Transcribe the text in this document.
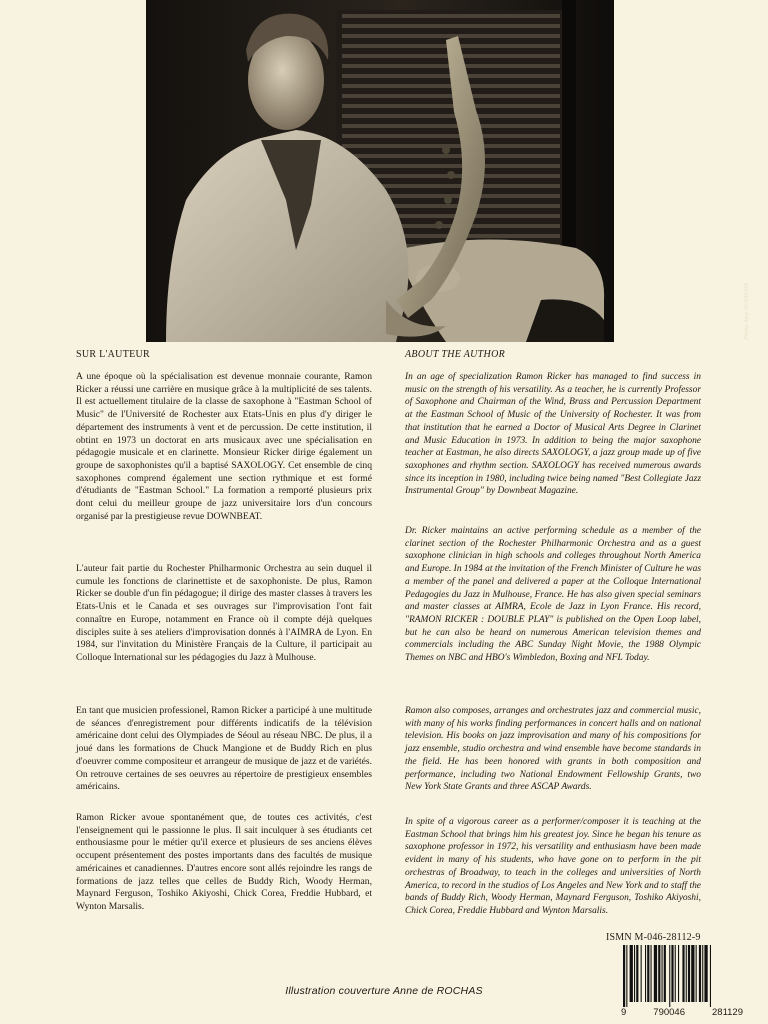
Photo Amy SCANLON

SUR L'AUTEUR

A une époque où la spécialisation est devenue monnaie courante, Ramon Ricker a réussi une carrière en musique grâce à la multiplicité de ses talents. Il est actuellement titulaire de la classe de saxophone à "Eastman School of Music" de l'Université de Rochester aux Etats-Unis en plus d'y diriger le département des instruments à vent et de percussion. De cette institution, il obtint en 1973 un doctorat en arts musicaux avec une spécialisation en pédagogie musicale et en clarinette. Monsieur Ricker dirige également un groupe de saxophonistes qu'il a baptisé SAXOLOGY. Cet ensemble de cinq saxophones comprend également une section rythmique et est formé d'étudiants de "Eastman School." La formation a remporté plusieurs prix dont celui du meilleur groupe de jazz universitaire lors d'un concours organisé par la prestigieuse revue DOWNBEAT.

L'auteur fait partie du Rochester Philharmonic Orchestra au sein duquel il cumule les fonctions de clarinettiste et de saxophoniste. De plus, Ramon Ricker se double d'un fin pédagogue; il dirige des master classes à travers les Etats-Unis et le Canada et ses ouvrages sur l'improvisation l'ont fait connaître en Europe, notamment en France où il compte déjà quelques disciples suite à ses ateliers d'improvisation donnés à l'AIMRA de Lyon. En 1984, sur l'invitation du Ministère Français de la Culture, il participait au Colloque International sur les pédagogies du Jazz à Mulhouse.

En tant que musicien professionel, Ramon Ricker a participé à une multitude de séances d'enregistrement pour différents indicatifs de la télévision américaine dont celui des Olympiades de Séoul au réseau NBC. De plus, il a joué dans les formations de Chuck Mangione et de Buddy Rich en plus d'oeuvrer comme compositeur et arrangeur de musique de jazz et de variétés. On retrouve certaines de ses oeuvres au répertoire de prestigieux ensembles américains.

Ramon Ricker avoue spontanément que, de toutes ces activités, c'est l'enseignement qui le passionne le plus. Il sait inculquer à ses étudiants cet enthousiasme pour le métier qu'il exerce et plusieurs de ses anciens élèves occupent présentement des postes importants dans des facultés de musique américaines et canadiennes. D'autres encore sont allés rejoindre les rangs de formations de jazz telles que celles de Buddy Rich, Woody Herman, Maynard Ferguson, Toshiko Akiyoshi, Chick Corea, Freddie Hubbard, et Wynton Marsalis.

ABOUT THE AUTHOR

In an age of specialization Ramon Ricker has managed to find success in music on the strength of his versatility. As a teacher, he is currently Professor of Saxophone and Chairman of the Wind, Brass and Percussion Department at the Eastman School of Music of the University of Rochester. It was from that institution that he earned a Doctor of Musical Arts Degree in Clarinet and Music Education in 1973. In addition to being the major saxophone teacher at Eastman, he also directs SAXOLOGY, a jazz group made up of five saxophones and rhythm section. SAXOLOGY has received numerous awards since its inception in 1980, including twice being named "Best Collegiate Jazz Instrumental Group" by Downbeat Magazine.

Dr. Ricker maintains an active performing schedule as a member of the clarinet section of the Rochester Philharmonic Orchestra and as a guest saxophone clinician in high schools and colleges throughout North America and Europe. In 1984 at the invitation of the French Minister of Culture he was a member of the panel and delivered a paper at the Colloque International Pedagogies du Jazz in Mulhouse, France. He has also given special seminars and master classes at AIMRA, Ecole de Jazz in Lyon France. His record, "RAMON RICKER : DOUBLE PLAY" is published on the Open Loop label, but he can also be heard on numerous American television themes and commercials including the ABC Sunday Night Movie, the 1988 Olympic Themes on NBC and HBO's Wimbledon, Boxing and NFL Today.

Ramon also composes, arranges and orchestrates jazz and commercial music, with many of his works finding performances in concert halls and on national television. His books on jazz improvisation and many of his compositions for jazz ensemble, studio orchestra and wind ensemble have become standards in the field. He has been honored with grants in both composition and performance, including two National Endowment Fellowship Grants, two New York State Grants and three ASCAP Awards.

In spite of a vigorous career as a performer/composer it is teaching at the Eastman School that brings him his greatest joy. Since he began his tenure as saxophone professor in 1972, his versatility and enthusiasm have been made evident in many of his students, who have gone on to perform in the pit orchestras of Broadway, to teach in the colleges and universities of North America, to record in the studios of Los Angeles and New York and to staff the bands of Buddy Rich, Woody Herman, Maynard Ferguson, Toshiko Akiyoshi, Chick Corea, Freddie Hubbard and Wynton Marsalis.

ISMN M-046-28112-9
9	790046	281129
Illustration couverture Anne de ROCHAS
